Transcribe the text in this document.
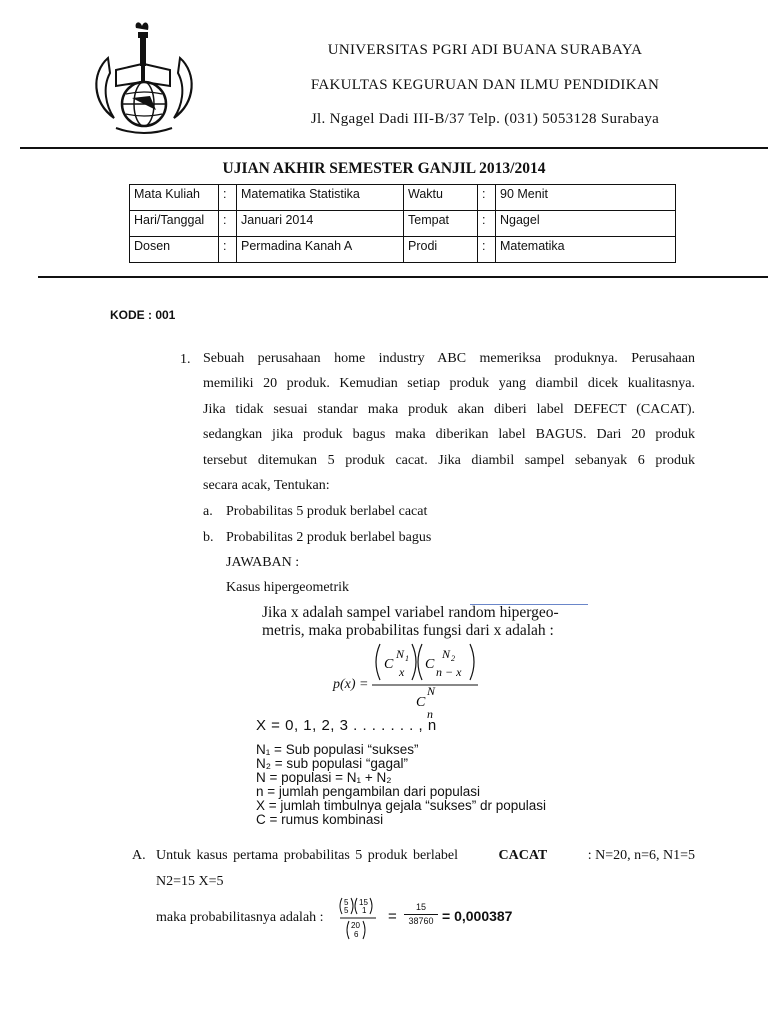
UNIVERSITAS PGRI ADI BUANA SURABAYA
FAKULTAS KEGURUAN DAN ILMU PENDIDIKAN
Jl. Ngagel Dadi III-B/37 Telp. (031) 5053128 Surabaya
UJIAN AKHIR SEMESTER GANJIL 2013/2014
Mata Kuliah	:	Matematika Statistika	Waktu	:	90 Menit
Hari/Tanggal	:	Januari 2014	Tempat	:	Ngagel
Dosen	:	Permadina Kanah A	Prodi	:	Matematika
KODE : 001
1. Sebuah perusahaan home industry ABC memeriksa produknya. Perusahaan
memiliki 20 produk. Kemudian setiap produk yang diambil dicek kualitasnya.
Jika tidak sesuai standar maka produk akan diberi label DEFECT (CACAT).
sedangkan jika produk bagus maka diberikan label BAGUS. Dari 20 produk
tersebut ditemukan 5 produk cacat. Jika diambil sampel sebanyak 6 produk
secara acak, Tentukan:
a. Probabilitas 5 produk berlabel cacat
b. Probabilitas 2 produk berlabel bagus
JAWABAN :
Kasus hipergeometrik
Jika x adalah sampel variabel random hipergeo-
metris, maka probabilitas fungsi dari x adalah :
p(x) =
C
N 1
x C
N 2
n − x
C
N
n
X = 0, 1, 2, 3 . . . . . . . , n
N₁ = Sub populasi “sukses”
N₂ = sub populasi “gagal”
N = populasi = N₁ + N₂
n = jumlah pengambilan dari populasi
X = jumlah timbulnya gejala “sukses” dr populasi
C = rumus kombinasi
A. Untuk kasus pertama probabilitas 5 produk berlabel	CACAT	: N=20, n=6, N1=5
N2=15 X=5
maka probabilitasnya adalah :
5
5
15
1
20
6
=
15
38760 = 0,000387
